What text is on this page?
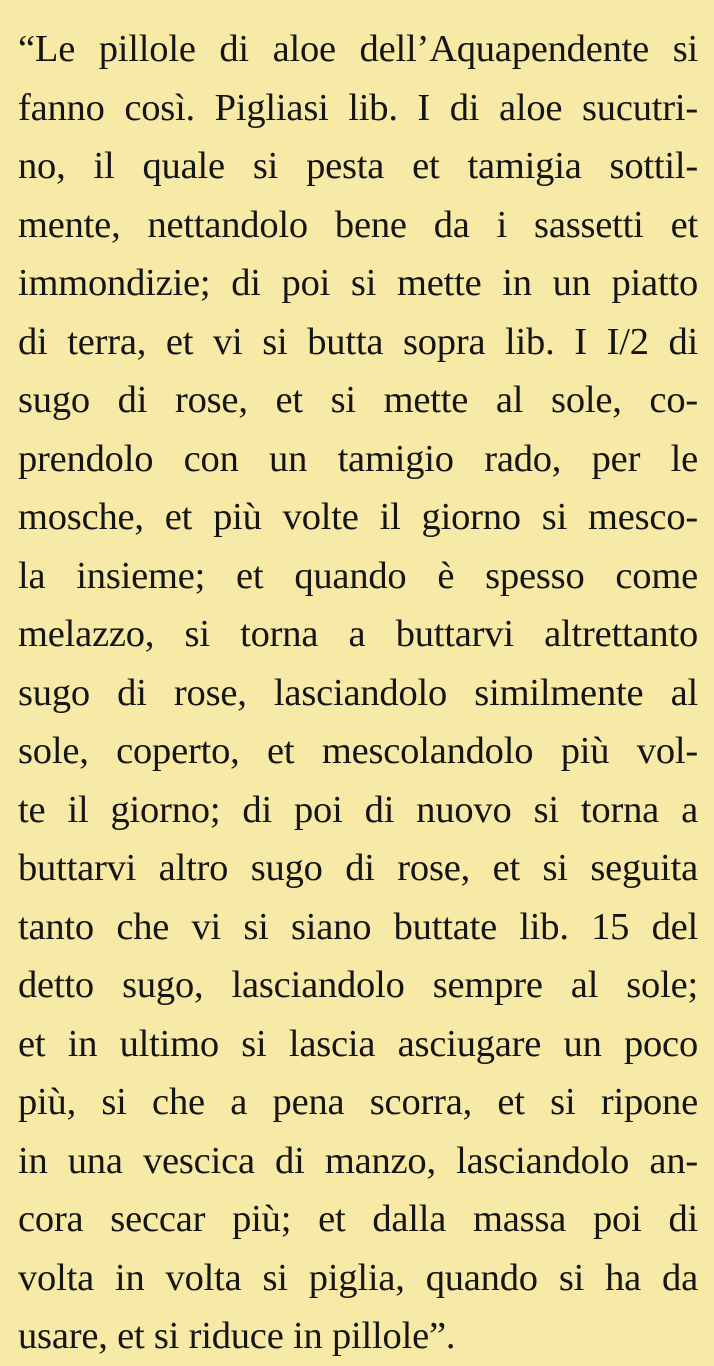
“Le pillole di aloe dell’Aquapendente si
fanno così. Pigliasi lib. I di aloe sucutri-
no, il quale si pesta et tamigia sottil-
mente, nettandolo bene da i sassetti et
immondizie; di poi si mette in un piatto
di terra, et vi si butta sopra lib. I I/2 di
sugo di rose, et si mette al sole, co-
prendolo con un tamigio rado, per le
mosche, et più volte il giorno si mesco-
la insieme; et quando è spesso come
melazzo, si torna a buttarvi altrettanto
sugo di rose, lasciandolo similmente al
sole, coperto, et mescolandolo più vol-
te il giorno; di poi di nuovo si torna a
buttarvi altro sugo di rose, et si seguita
tanto che vi si siano buttate lib. 15 del
detto sugo, lasciandolo sempre al sole;
et in ultimo si lascia asciugare un poco
più, si che a pena scorra, et si ripone
in una vescica di manzo, lasciandolo an-
cora seccar più; et dalla massa poi di
volta in volta si piglia, quando si ha da
usare, et si riduce in pillole”.
